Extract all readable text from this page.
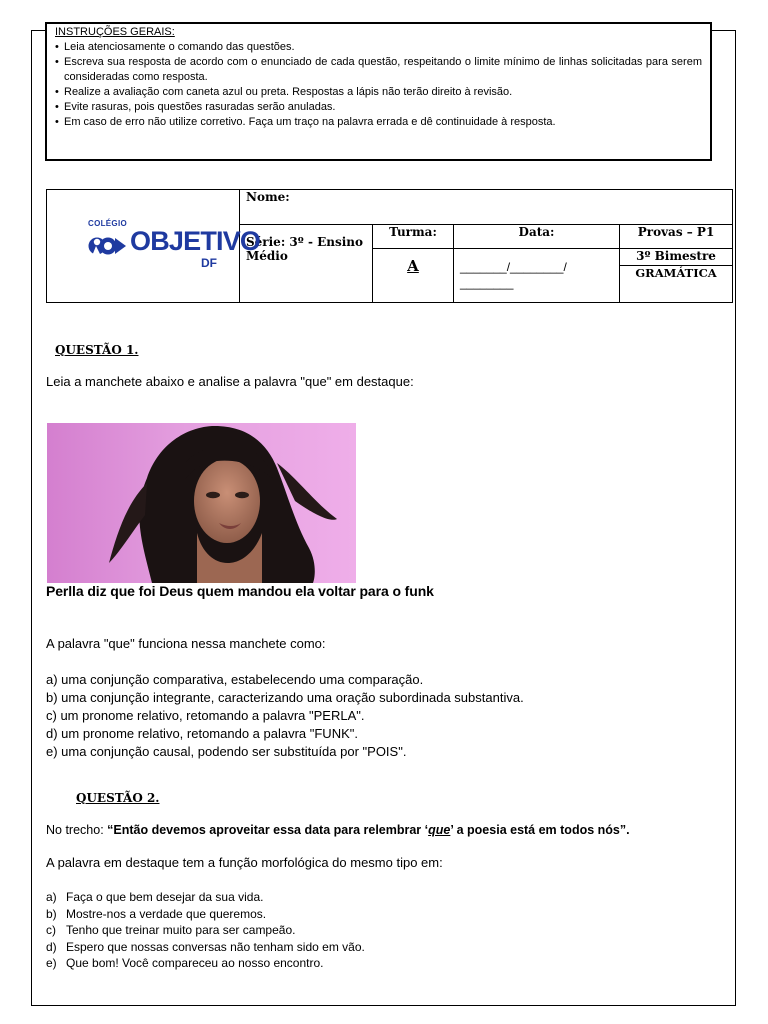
INSTRUÇÕES GERAIS:
• Leia atenciosamente o comando das questões.
• Escreva sua resposta de acordo com o enunciado de cada questão, respeitando o limite mínimo de linhas solicitadas para serem consideradas como resposta.
• Realize a avaliação com caneta azul ou preta. Respostas a lápis não terão direito à revisão.
• Evite rasuras, pois questões rasuradas serão anuladas.
• Em caso de erro não utilize corretivo. Faça um traço na palavra errada e dê continuidade à resposta.
COLÉGIO
OBJETIVO
DF	Nome:			
	Série: 3º - Ensino Médio	Turma:	Data:	Provas – P1
		A	_______/________/ ________	3º Bimestre
				GRAMÁTICA

QUESTÃO 1.

Leia a manchete abaixo e analise a palavra "que" em destaque:

Perlla diz que foi Deus quem mandou ela voltar para o funk

A palavra "que" funciona nessa manchete como:

a) uma conjunção comparativa, estabelecendo uma comparação.
b) uma conjunção integrante, caracterizando uma oração subordinada substantiva.
c) um pronome relativo, retomando a palavra "PERLA".
d) um pronome relativo, retomando a palavra "FUNK".
e) uma conjunção causal, podendo ser substituída por "POIS".

QUESTÃO 2.

No trecho: “Então devemos aproveitar essa data para relembrar ‘que’ a poesia está em todos nós”.

A palavra em destaque tem a função morfológica do mesmo tipo em:

a) Faça o que bem desejar da sua vida.
b) Mostre-nos a verdade que queremos.
c) Tenho que treinar muito para ser campeão.
d) Espero que nossas conversas não tenham sido em vão.
e) Que bom! Você compareceu ao nosso encontro.
